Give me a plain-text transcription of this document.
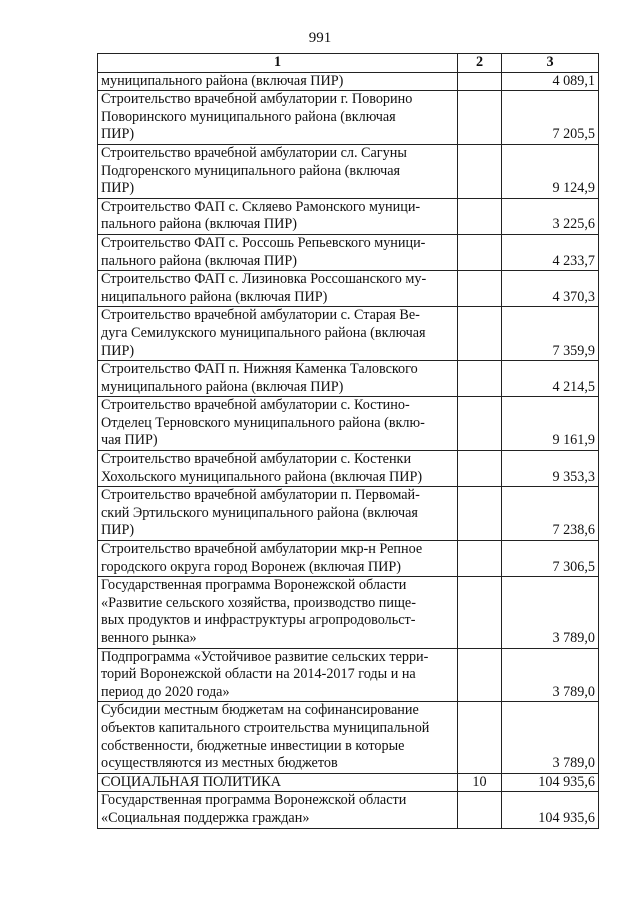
991
1	2	3

муниципального района (включая ПИР)		4 089,1

Строительство врачебной амбулатории г. Поворино
Поворинского муниципального района (включая
ПИР)		7 205,5

Строительство врачебной амбулатории сл. Сагуны
Подгоренского муниципального района (включая
ПИР)		9 124,9

Строительство ФАП с. Скляево Рамонского муници-
пального района (включая ПИР)		3 225,6

Строительство ФАП с. Россошь Репьевского муници-
пального района (включая ПИР)		4 233,7

Строительство ФАП с. Лизиновка Россошанского му-
ниципального района (включая ПИР)		4 370,3

Строительство врачебной амбулатории с. Старая Ве-
дуга Семилукского муниципального района (включая
ПИР)		7 359,9

Строительство ФАП п. Нижняя Каменка Таловского
муниципального района (включая ПИР)		4 214,5

Строительство врачебной амбулатории с. Костино-
Отделец Терновского муниципального района (вклю-
чая ПИР)		9 161,9

Строительство врачебной амбулатории с. Костенки
Хохольского муниципального района (включая ПИР)		9 353,3

Строительство врачебной амбулатории п. Первомай-
ский Эртильского муниципального района (включая
ПИР)		7 238,6

Строительство врачебной амбулатории мкр-н Репное
городского округа город Воронеж (включая ПИР)		7 306,5

Государственная программа Воронежской области
«Развитие сельского хозяйства, производство пище-
вых продуктов и инфраструктуры агропродовольст-
венного рынка»		3 789,0

Подпрограмма «Устойчивое развитие сельских терри-
торий Воронежской области на 2014-2017 годы и на
период до 2020 года»		3 789,0

Субсидии местным бюджетам на софинансирование
объектов капитального строительства муниципальной
собственности, бюджетные инвестиции в которые
осуществляются из местных бюджетов		3 789,0

СОЦИАЛЬНАЯ ПОЛИТИКА	10	104 935,6

Государственная программа Воронежской области
«Социальная поддержка граждан»		104 935,6
